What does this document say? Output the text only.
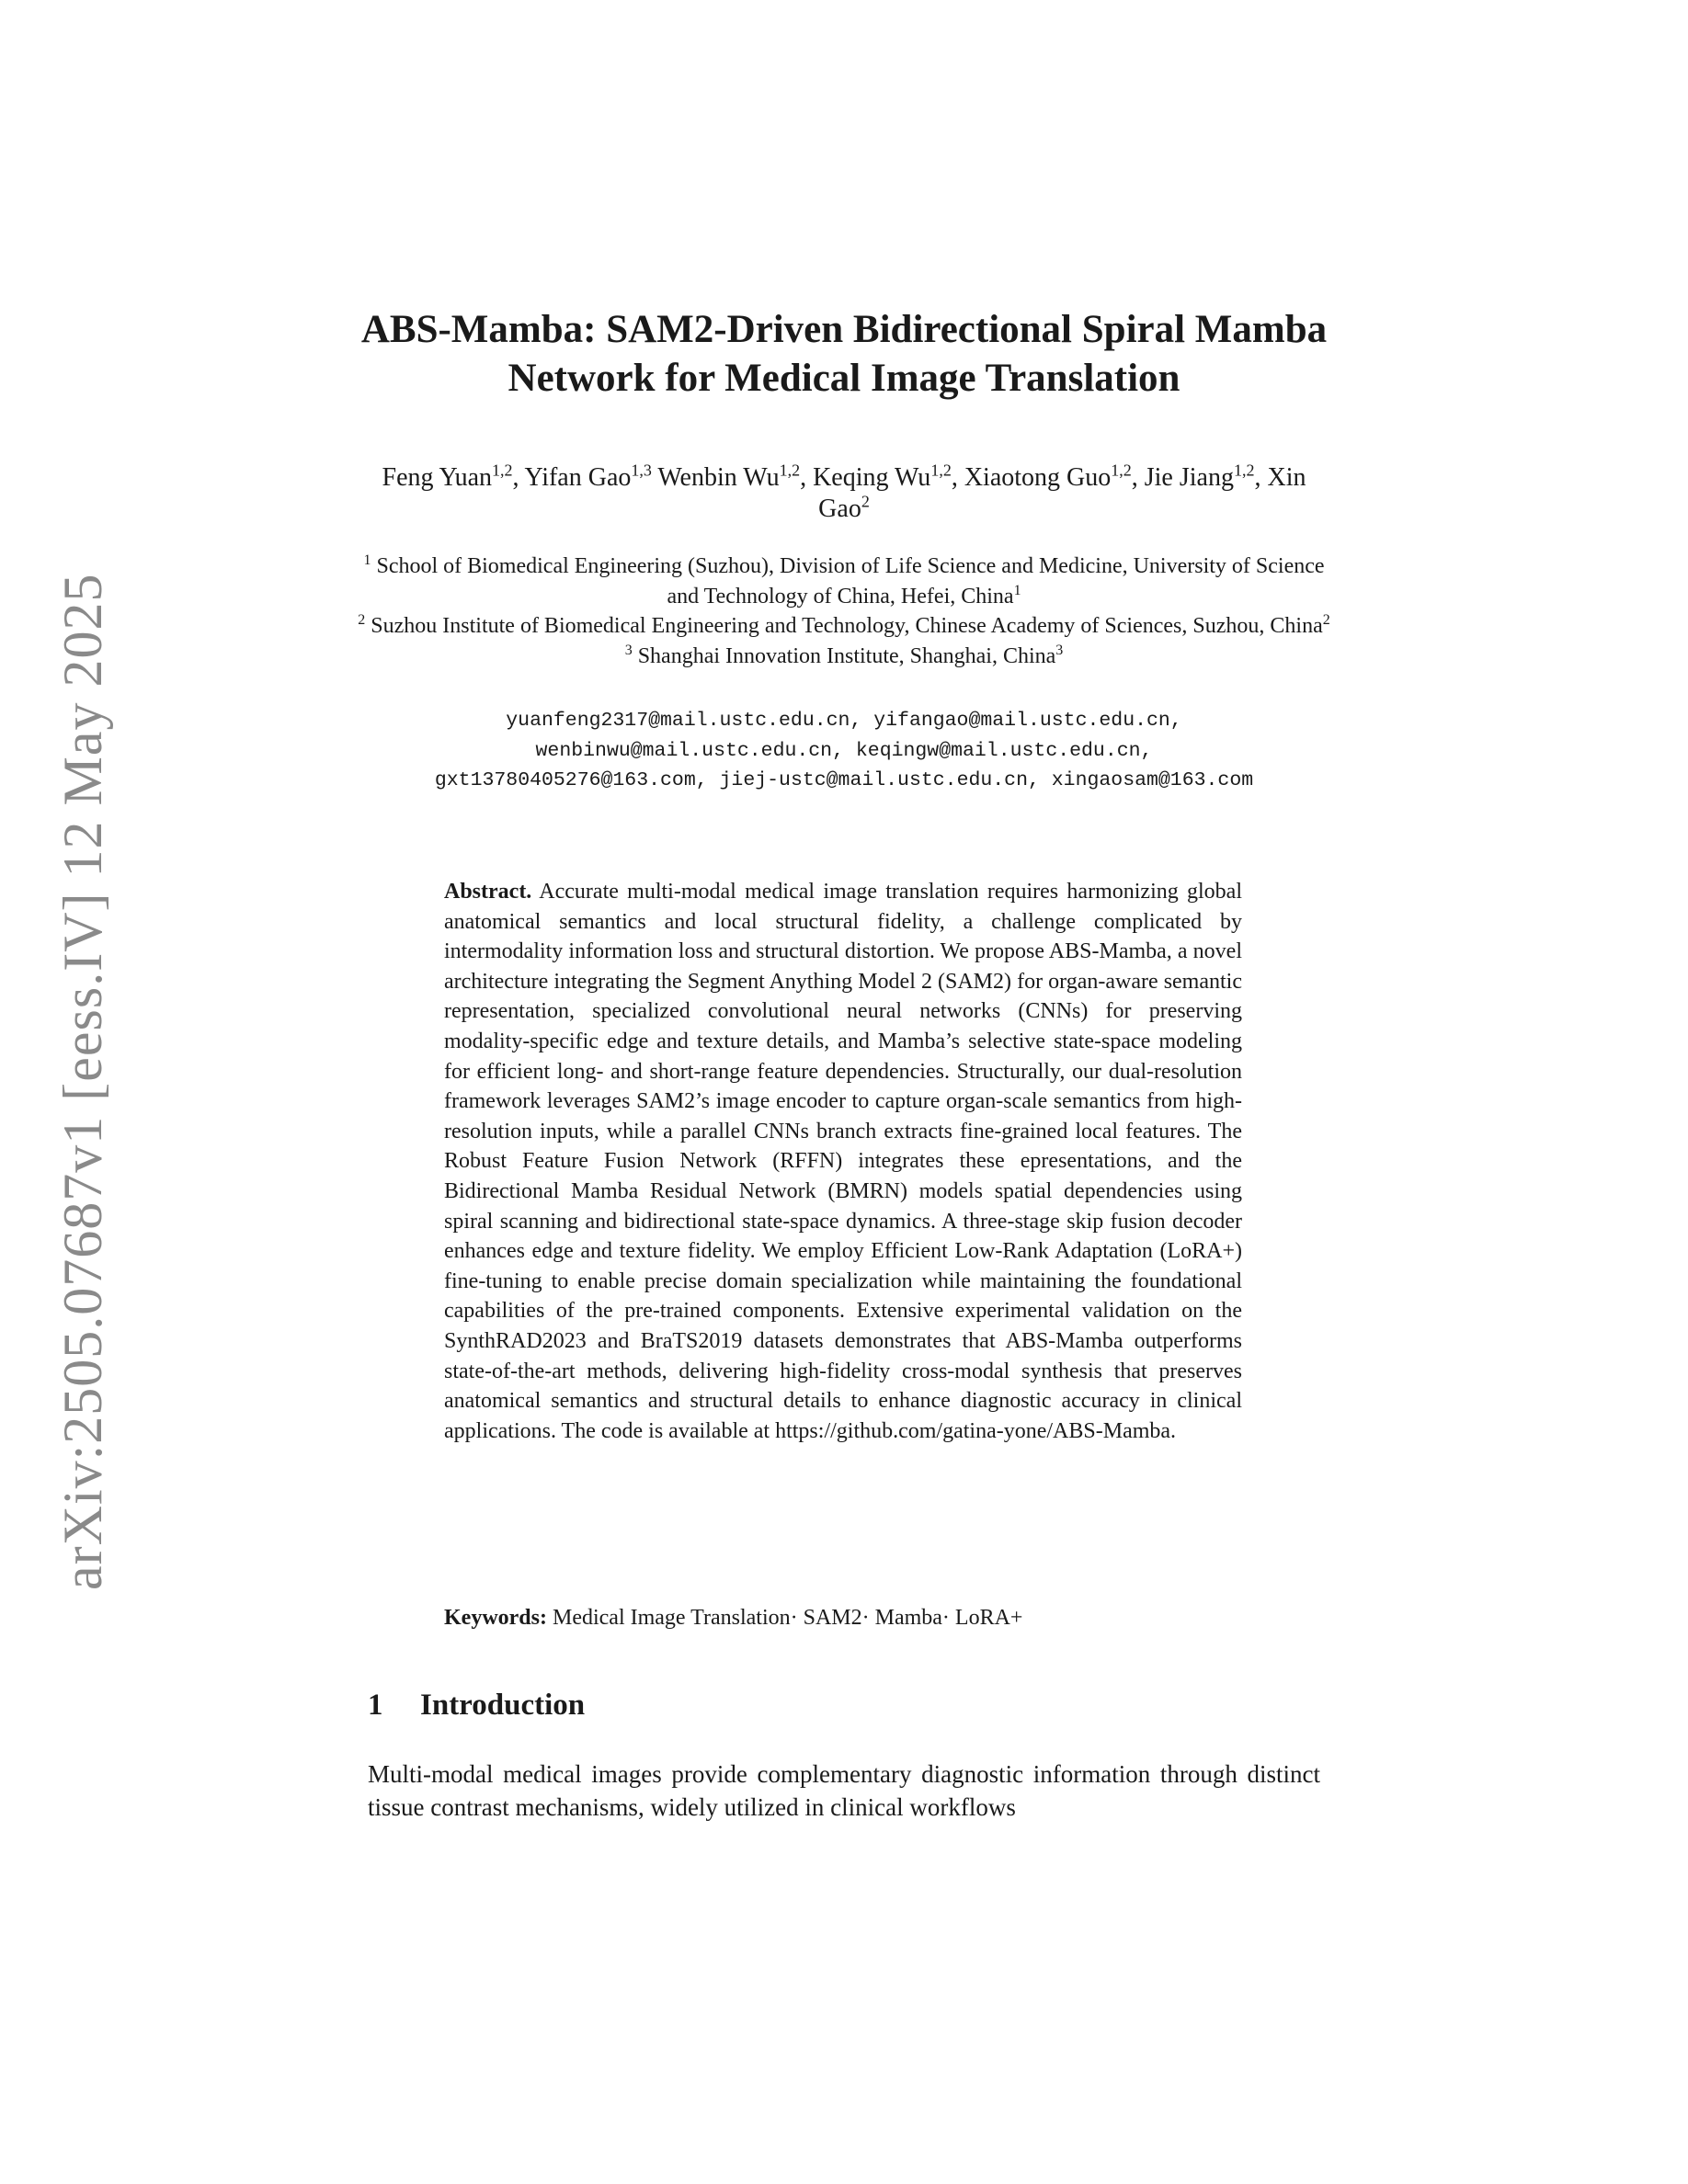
arXiv:2505.07687v1 [eess.IV] 12 May 2025
ABS-Mamba: SAM2-Driven Bidirectional Spiral Mamba Network for Medical Image Translation
Feng Yuan$^{1,2}$, Yifan Gao$^{1,3}$ Wenbin Wu$^{1,2}$, Keqing Wu$^{1,2}$, Xiaotong Guo$^{1,2}$, Jie Jiang$^{1,2}$, Xin Gao$^2$
$^1$ School of Biomedical Engineering (Suzhou), Division of Life Science and Medicine, University of Science and Technology of China, Hefei, China$^1$
$^2$ Suzhou Institute of Biomedical Engineering and Technology, Chinese Academy of Sciences, Suzhou, China$^2$
$^3$ Shanghai Innovation Institute, Shanghai, China$^3$
yuanfeng2317@mail.ustc.edu.cn, yifangao@mail.ustc.edu.cn,
wenbinwu@mail.ustc.edu.cn, keqingw@mail.ustc.edu.cn,
gxt13780405276@163.com, jiej-ustc@mail.ustc.edu.cn, xingaosam@163.com

Abstract. Accurate multi-modal medical image translation requires harmonizing global anatomical semantics and local structural fidelity, a challenge complicated by intermodality information loss and structural distortion. We propose ABS-Mamba, a novel architecture integrating the Segment Anything Model 2 (SAM2) for organ-aware semantic representation, specialized convolutional neural networks (CNNs) for preserving modality-specific edge and texture details, and Mamba’s selective state-space modeling for efficient long- and short-range feature dependencies. Structurally, our dual-resolution framework leverages SAM2’s image encoder to capture organ-scale semantics from high-resolution inputs, while a parallel CNNs branch extracts fine-grained local features. The Robust Feature Fusion Network (RFFN) integrates these epresentations, and the Bidirectional Mamba Residual Network (BMRN) models spatial dependencies using spiral scanning and bidirectional state-space dynamics. A three-stage skip fusion decoder enhances edge and texture fidelity. We employ Efficient Low-Rank Adaptation (LoRA+) fine-tuning to enable precise domain specialization while maintaining the foundational capabilities of the pre-trained components. Extensive experimental validation on the SynthRAD2023 and BraTS2019 datasets demonstrates that ABS-Mamba outperforms state-of-the-art methods, delivering high-fidelity cross-modal synthesis that preserves anatomical semantics and structural details to enhance diagnostic accuracy in clinical applications. The code is available at https://github.com/gatina-yone/ABS-Mamba.

Keywords: Medical Image Translation· SAM2· Mamba· LoRA+

1 Introduction

Multi-modal medical images provide complementary diagnostic information through distinct tissue contrast mechanisms, widely utilized in clinical workflows
